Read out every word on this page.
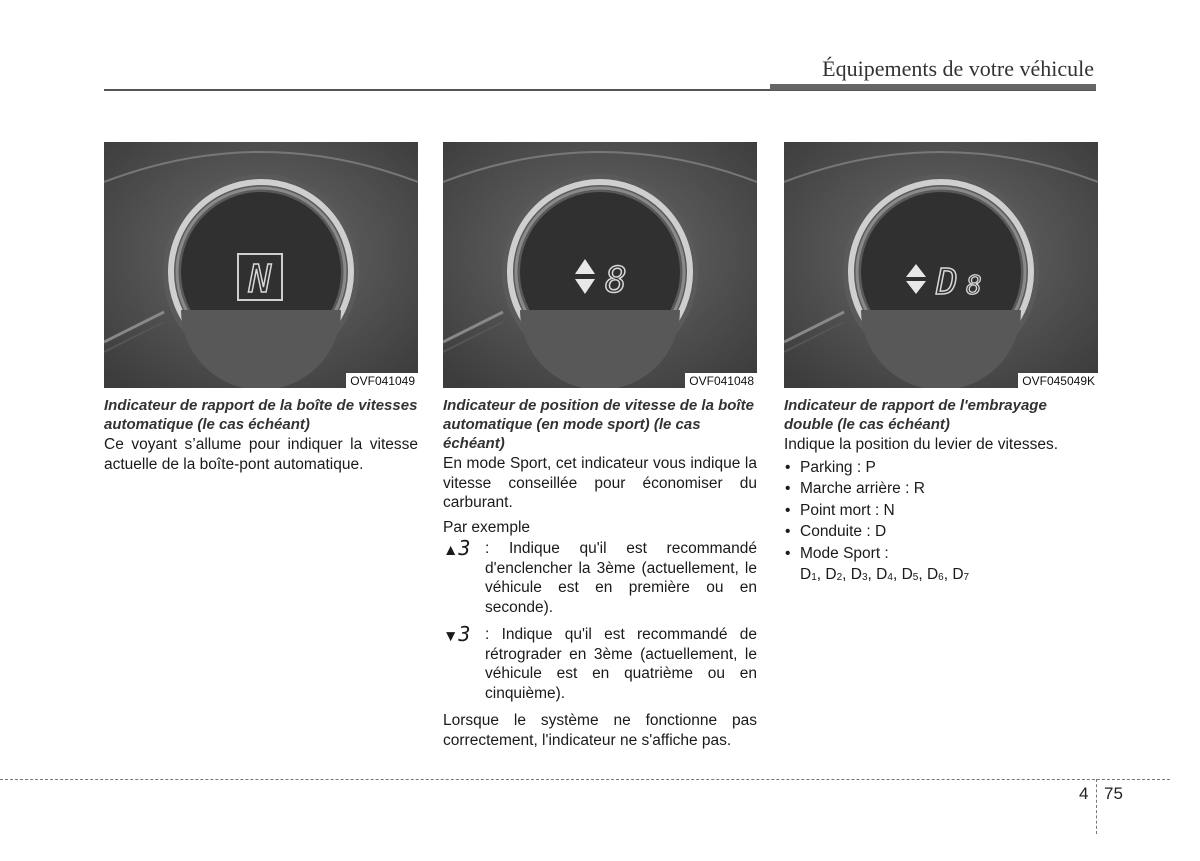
Équipements de votre véhicule
N
OVF041049
Indicateur de rapport de la boîte de vitesses automatique (le cas échéant)
Ce voyant s’allume pour indiquer la vitesse actuelle de la boîte-pont automatique.
8
OVF041048
Indicateur de position de vitesse de la boîte automatique (en mode sport) (le cas échéant)
En mode Sport, cet indicateur vous indique la vitesse conseillée pour économiser du carburant.
Par exemple
▲3 : Indique qu'il est recommandé d'enclencher la 3ème (actuellement, le véhicule est en première ou en seconde).
▼3 : Indique qu'il est recommandé de rétrograder en 3ème (actuellement, le véhicule est en quatrième ou en cinquième).
Lorsque le système ne fonctionne pas correctement, l'indicateur ne s'affiche pas.
D 8
OVF045049K
Indicateur de rapport de l'embrayage double (le cas échéant)
Indique la position du levier de vitesses.
• Parking : P
• Marche arrière : R
• Point mort : N
• Conduite : D
• Mode Sport :
$D_1$, $D_2$, $D_3$, $D_4$, $D_5$, $D_6$, $D_7$
4 75
